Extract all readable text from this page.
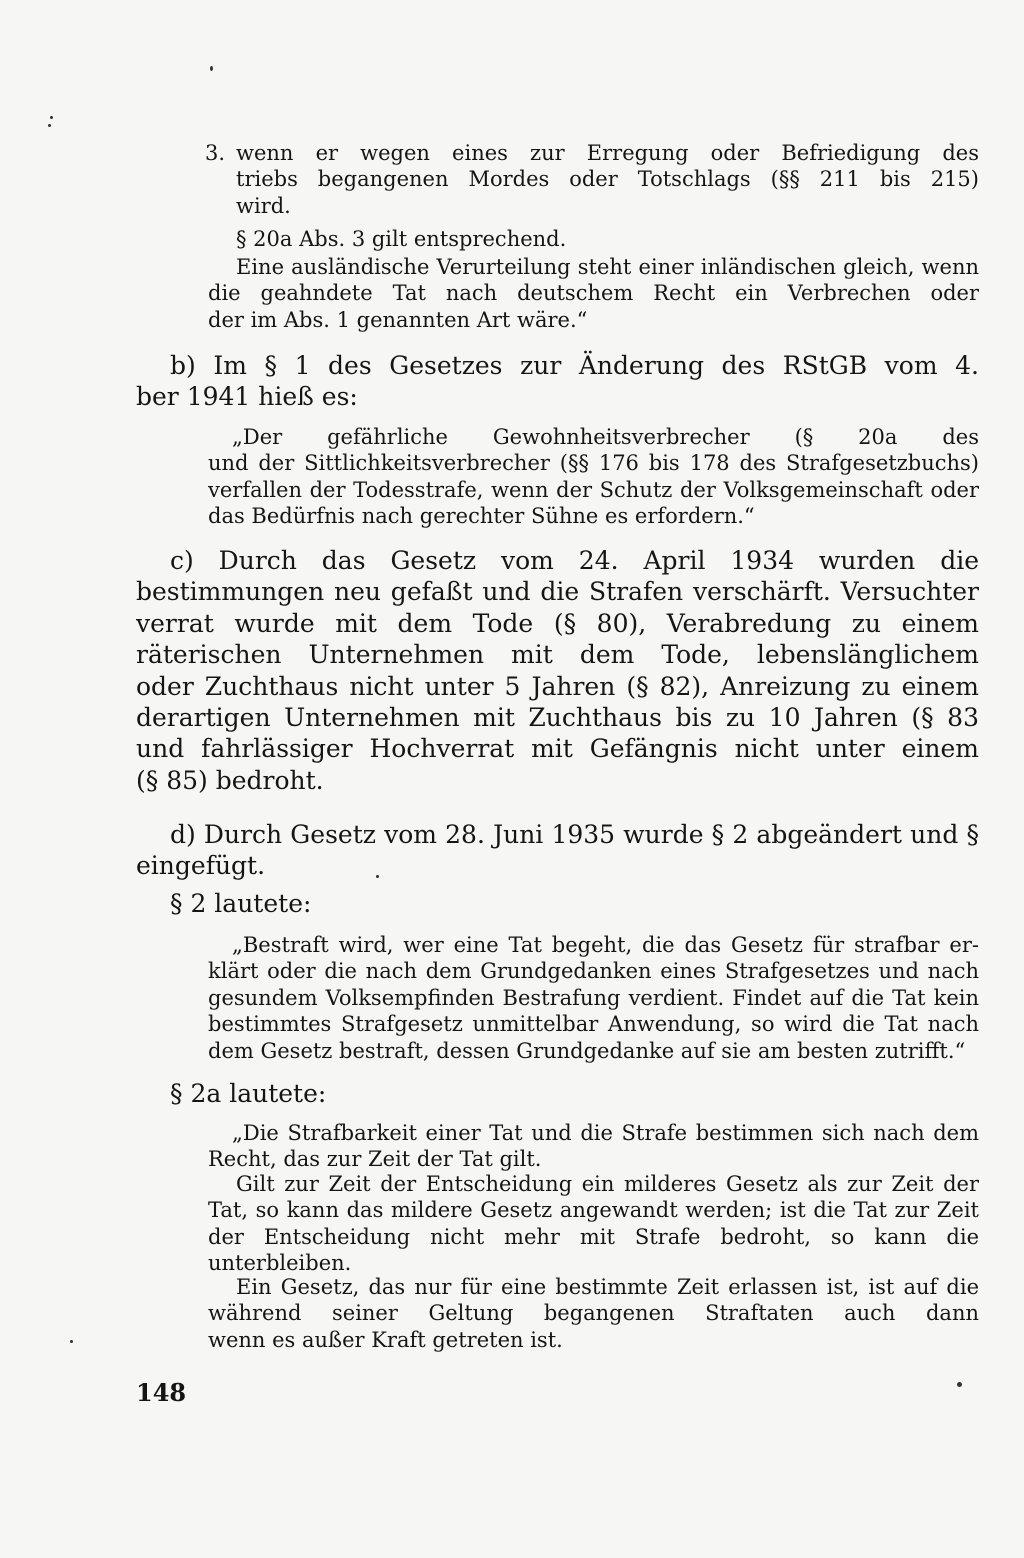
3. wenn er wegen eines zur Erregung oder Befriedigung des
triebs begangenen Mordes oder Totschlags (§§ 211 bis 215)
wird.
§ 20a Abs. 3 gilt entsprechend.
Eine ausländische Verurteilung steht einer inländischen gleich, wenn
die geahndete Tat nach deutschem Recht ein Verbrechen oder
der im Abs. 1 genannten Art wäre.“
b) Im § 1 des Gesetzes zur Änderung des RStGB vom 4.
ber 1941 hieß es:
„Der gefährliche Gewohnheitsverbrecher (§ 20a des
und der Sittlichkeitsverbrecher (§§ 176 bis 178 des Strafgesetzbuchs)
verfallen der Todesstrafe, wenn der Schutz der Volksgemeinschaft oder
das Bedürfnis nach gerechter Sühne es erfordern.“
c) Durch das Gesetz vom 24. April 1934 wurden die
bestimmungen neu gefaßt und die Strafen verschärft. Versuchter
verrat wurde mit dem Tode (§ 80), Verabredung zu einem
räterischen Unternehmen mit dem Tode, lebenslänglichem
oder Zuchthaus nicht unter 5 Jahren (§ 82), Anreizung zu einem
derartigen Unternehmen mit Zuchthaus bis zu 10 Jahren (§ 83
und fahrlässiger Hochverrat mit Gefängnis nicht unter einem
(§ 85) bedroht.
d) Durch Gesetz vom 28. Juni 1935 wurde § 2 abgeändert und §
eingefügt.
§ 2 lautete:
„Bestraft wird, wer eine Tat begeht, die das Gesetz für strafbar er-
klärt oder die nach dem Grundgedanken eines Strafgesetzes und nach
gesundem Volksempfinden Bestrafung verdient. Findet auf die Tat kein
bestimmtes Strafgesetz unmittelbar Anwendung, so wird die Tat nach
dem Gesetz bestraft, dessen Grundgedanke auf sie am besten zutrifft.“
§ 2a lautete:
„Die Strafbarkeit einer Tat und die Strafe bestimmen sich nach dem
Recht, das zur Zeit der Tat gilt.
Gilt zur Zeit der Entscheidung ein milderes Gesetz als zur Zeit der
Tat, so kann das mildere Gesetz angewandt werden; ist die Tat zur Zeit
der Entscheidung nicht mehr mit Strafe bedroht, so kann die
unterbleiben.
Ein Gesetz, das nur für eine bestimmte Zeit erlassen ist, ist auf die
während seiner Geltung begangenen Straftaten auch dann
wenn es außer Kraft getreten ist.
148
